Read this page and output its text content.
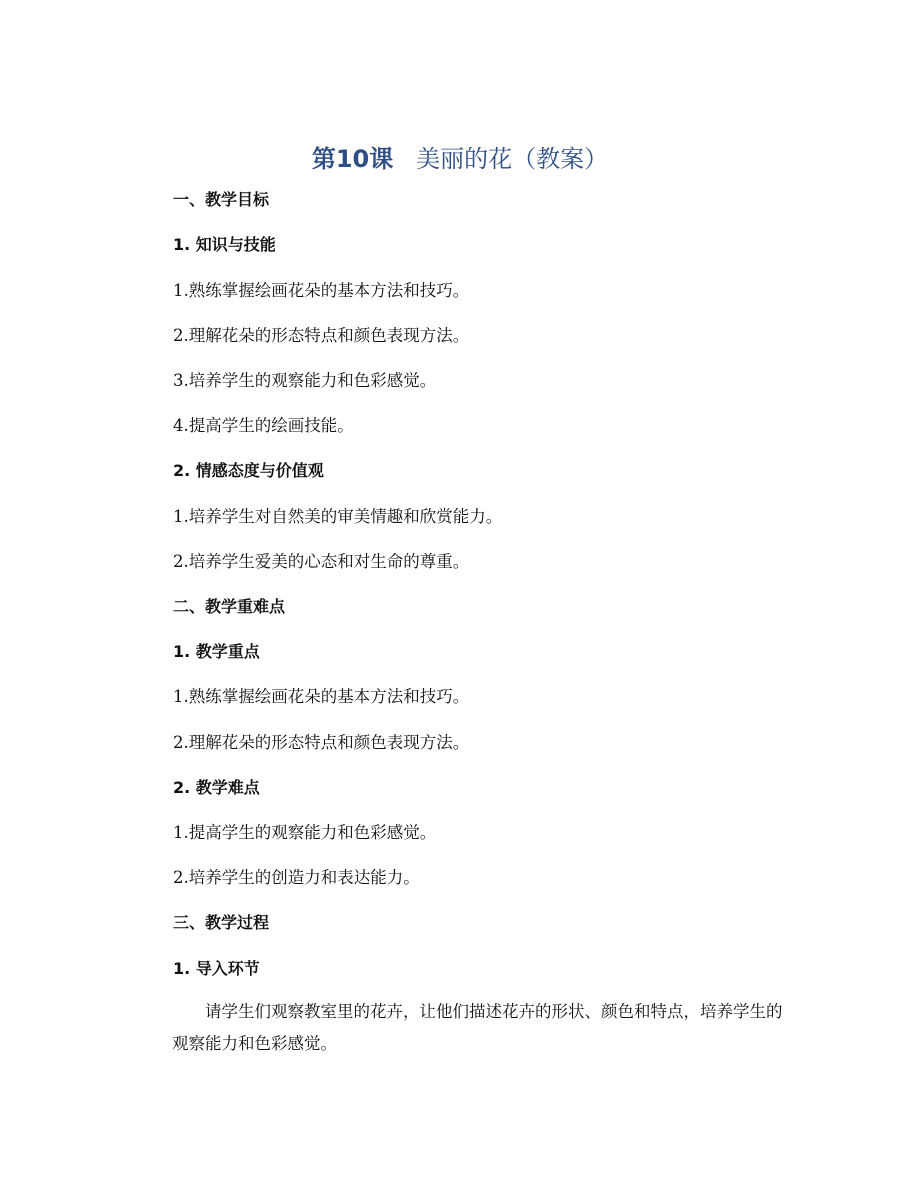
第10课 美丽的花（教案）
一、教学目标
1. 知识与技能
1.熟练掌握绘画花朵的基本方法和技巧。
2.理解花朵的形态特点和颜色表现方法。
3.培养学生的观察能力和色彩感觉。
4.提高学生的绘画技能。
2. 情感态度与价值观
1.培养学生对自然美的审美情趣和欣赏能力。
2.培养学生爱美的心态和对生命的尊重。
二、教学重难点
1. 教学重点
1.熟练掌握绘画花朵的基本方法和技巧。
2.理解花朵的形态特点和颜色表现方法。
2. 教学难点
1.提高学生的观察能力和色彩感觉。
2.培养学生的创造力和表达能力。
三、教学过程
1. 导入环节
请学生们观察教室里的花卉，让他们描述花卉的形状、颜色和特点，培养学生的观察能力和色彩感觉。
